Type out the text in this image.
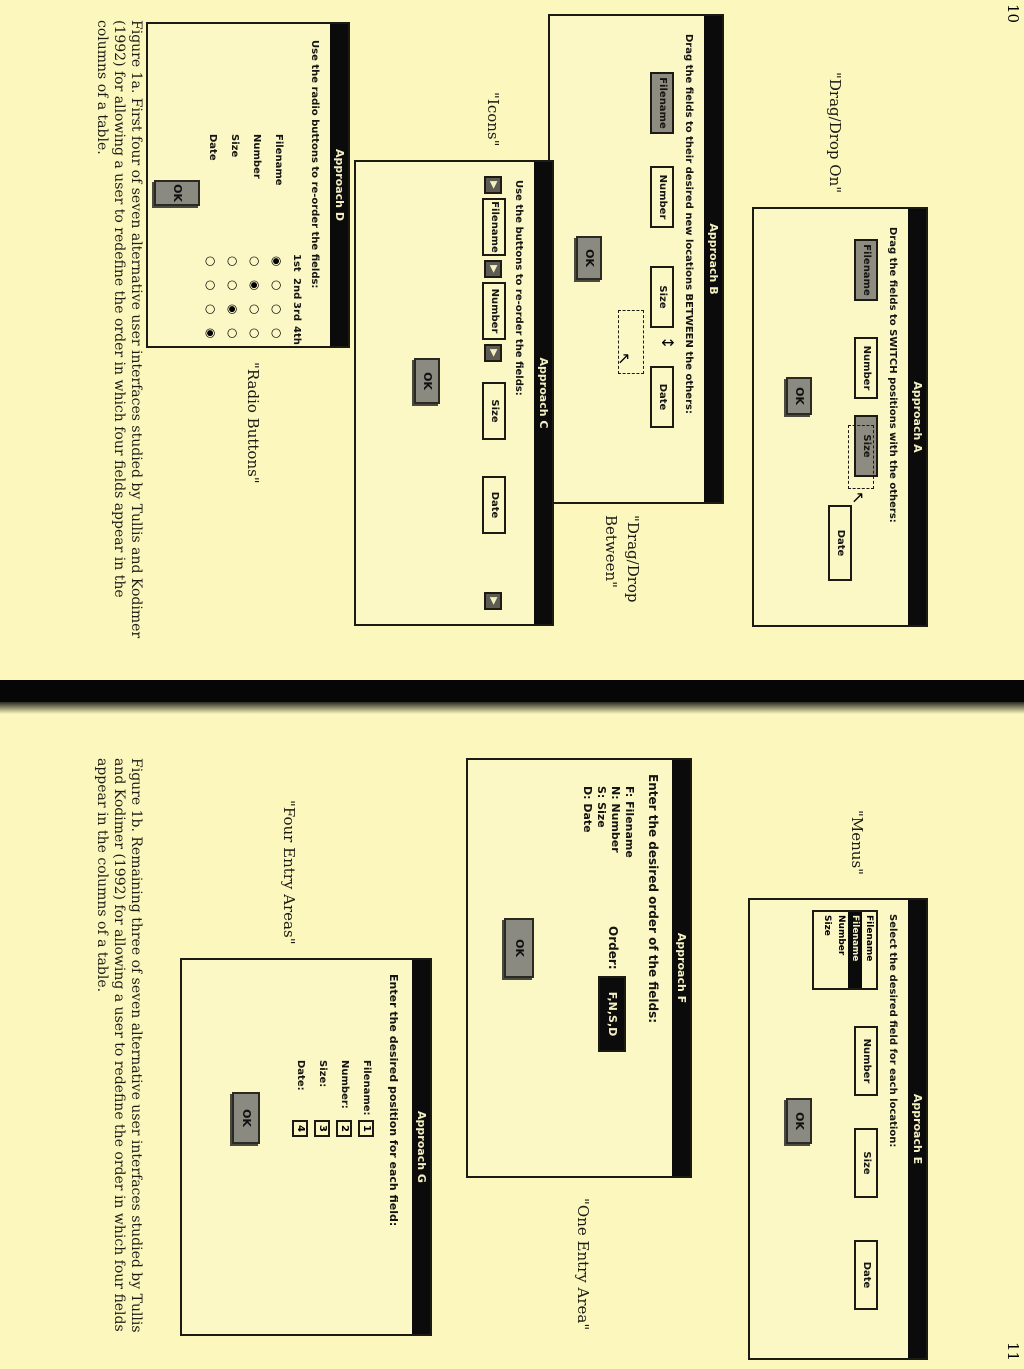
10
11
Approach A
Drag the fields to SWITCH positions with the others:
Filename
Number
Size
↖
Date
OK
"Drag/Drop On"
Approach B
Drag the fields to their desired new locations BETWEEN the others:
Filename
Number
Size
↕
↖
Date
OK
"Drag/Drop Between"
Approach C
Use the buttons to re-order the fields:
▶
Filename
▶
Number
▶
Size
Date
▶
OK
"Icons"
Approach D
Use the radio buttons to re-order the fields:
1st
2nd
3rd
4th
Filename
Number
Size
Date
◉
○
○
○
○
◉
○
○
○
○
◉
○
○
○
○
◉
OK
"Radio Buttons"
Figure 1a. First four of seven alternative user interfaces studied by Tullis and Kodimer (1992) for allowing a user to redefine the order in which four fields appear in the columns of a table.
Approach E
Select the desired field for each location:
Filename
Filename
Number
Size
Number
Size
Date
OK
"Menus"
Approach F
Enter the desired order of the fields:
F: Filename
N: Number
S: Size
D: Date
Order:
F,N,S,D
OK
"One Entry Area"
Approach G
Enter the desired position for each field:
Filename:
1
Number:
2
Size:
3
Date:
4
OK
"Four Entry Areas"
Figure 1b. Remaining three of seven alternative user interfaces studied by Tullis and Kodimer (1992) for allowing a user to redefine the order in which four fields appear in the columns of a table.
